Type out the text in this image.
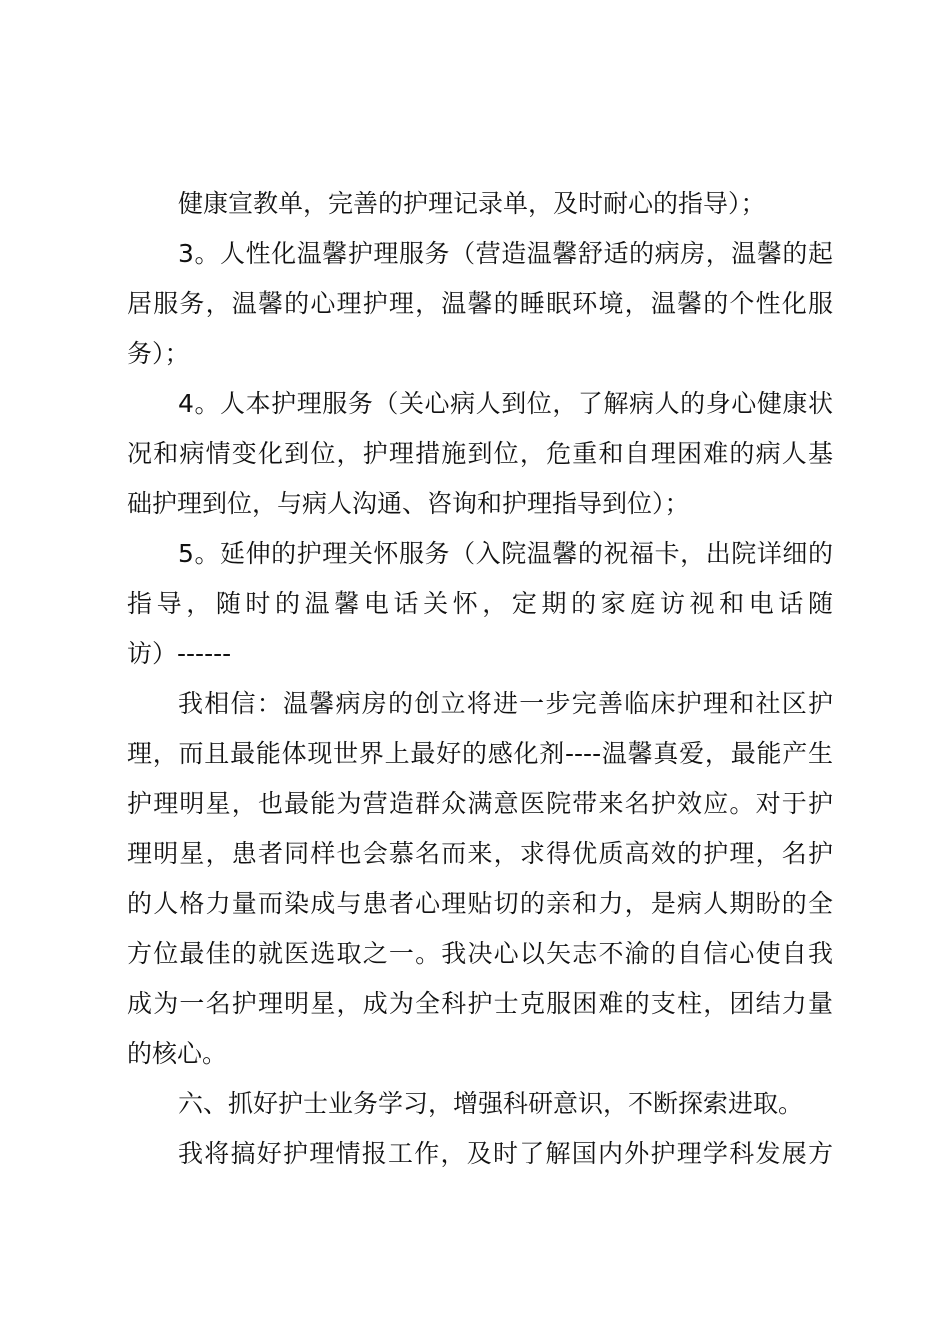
健康宣教单，完善的护理记录单，及时耐心的指导）；
3。人性化温馨护理服务（营造温馨舒适的病房，温馨的起
居服务，温馨的心理护理，温馨的睡眠环境，温馨的个性化服
务）；
4。人本护理服务（关心病人到位，了解病人的身心健康状
况和病情变化到位，护理措施到位，危重和自理困难的病人基
础护理到位，与病人沟通、咨询和护理指导到位）；
5。延伸的护理关怀服务（入院温馨的祝福卡，出院详细的
指导，随时的温馨电话关怀，定期的家庭访视和电话随
访）------
我相信：温馨病房的创立将进一步完善临床护理和社区护
理，而且最能体现世界上最好的感化剂----温馨真爱，最能产生
护理明星，也最能为营造群众满意医院带来名护效应。对于护
理明星，患者同样也会慕名而来，求得优质高效的护理，名护
的人格力量而染成与患者心理贴切的亲和力，是病人期盼的全
方位最佳的就医选取之一。我决心以矢志不渝的自信心使自我
成为一名护理明星，成为全科护士克服困难的支柱，团结力量
的核心。
六、抓好护士业务学习，增强科研意识，不断探索进取。
我将搞好护理情报工作，及时了解国内外护理学科发展方
